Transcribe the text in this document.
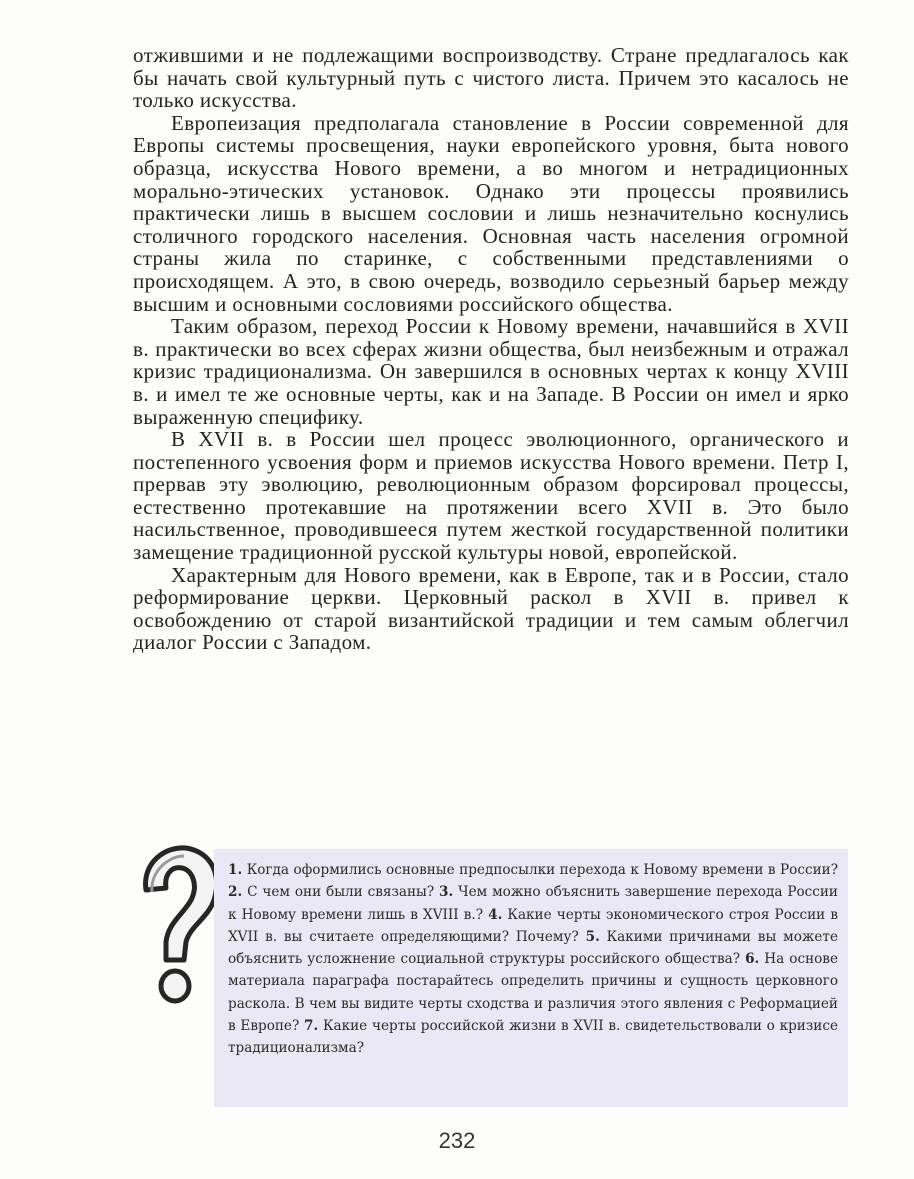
отжившими и не подлежащими воспроизводству. Стране предлагалось как бы начать свой культурный путь с чистого листа. Причем это касалось не только искусства.

Европеизация предполагала становление в России современной для Европы системы просвещения, науки европейского уровня, быта нового образца, искусства Нового времени, а во многом и нетрадиционных морально-этических установок. Однако эти процессы проявились практически лишь в высшем сословии и лишь незначительно коснулись столичного городского населения. Основная часть населения огромной страны жила по старинке, с собственными представлениями о происходящем. А это, в свою очередь, возводило серьезный барьер между высшим и основными сословиями российского общества.

Таким образом, переход России к Новому времени, начавшийся в XVII в. практически во всех сферах жизни общества, был неизбежным и отражал кризис традиционализма. Он завершился в основных чертах к концу XVIII в. и имел те же основные черты, как и на Западе. В России он имел и ярко выраженную специфику.

В XVII в. в России шел процесс эволюционного, органического и постепенного усвоения форм и приемов искусства Нового времени. Петр I, прервав эту эволюцию, революционным образом форсировал процессы, естественно протекавшие на протяжении всего XVII в. Это было насильственное, проводившееся путем жесткой государственной политики замещение традиционной русской культуры новой, европейской.

Характерным для Нового времени, как в Европе, так и в России, стало реформирование церкви. Церковный раскол в XVII в. привел к освобождению от старой византийской традиции и тем самым облегчил диалог России с Западом.

1. Когда оформились основные предпосылки перехода к Новому времени в России? 2. С чем они были связаны? 3. Чем можно объяснить завершение перехода России к Новому времени лишь в XVIII в.? 4. Какие черты экономического строя России в XVII в. вы считаете определяющими? Почему? 5. Какими причинами вы можете объяснить усложнение социальной структуры российского общества? 6. На основе материала параграфа постарайтесь определить причины и сущность церковного раскола. В чем вы видите черты сходства и различия этого явления с Реформацией в Европе? 7. Какие черты российской жизни в XVII в. свидетельствовали о кризисе традиционализма?
232
